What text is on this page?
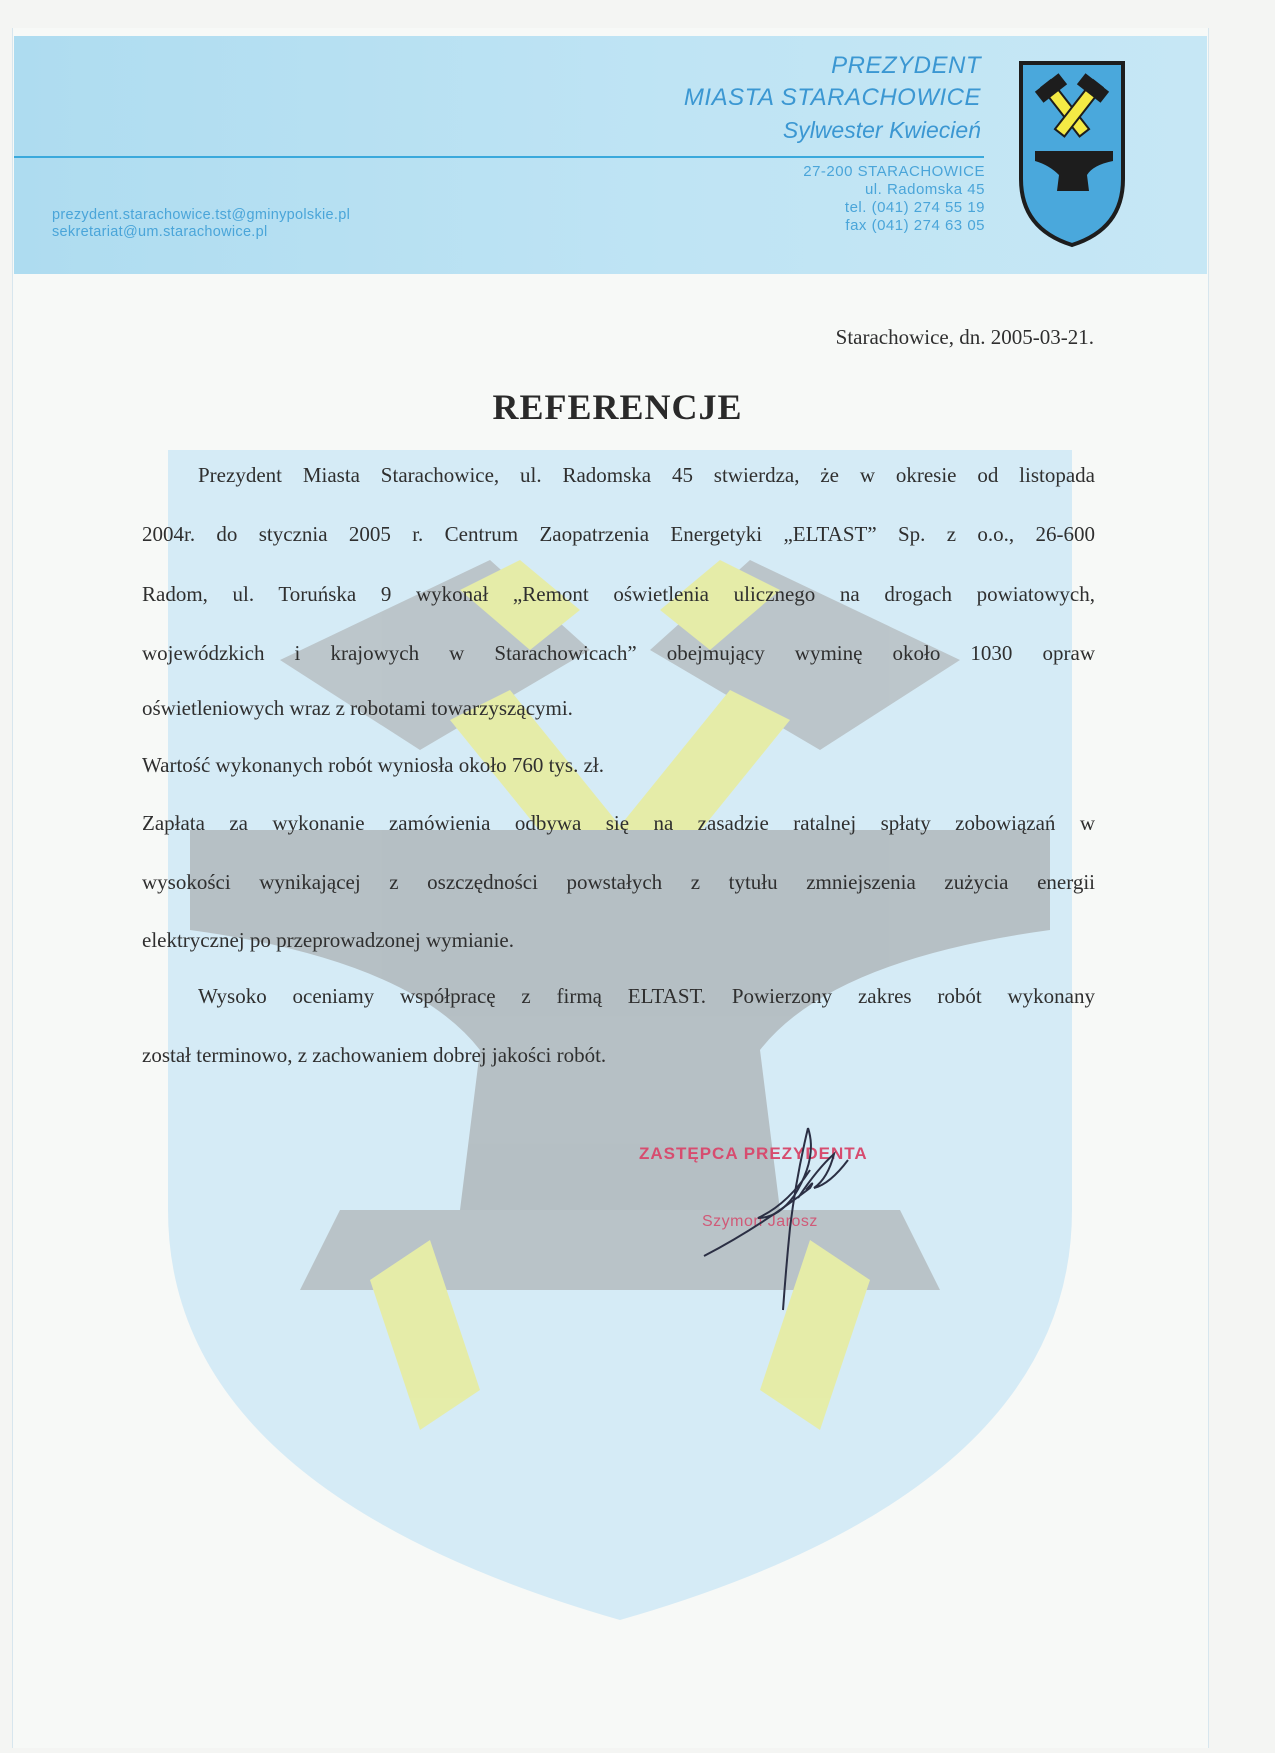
PREZYDENT
MIASTA STARACHOWICE
Sylwester Kwiecień
27-200 STARACHOWICE
ul. Radomska 45
tel. (041) 274 55 19
fax (041) 274 63 05
prezydent.starachowice.tst@gminypolskie.pl
sekretariat@um.starachowice.pl
Starachowice, dn. 2005-03-21.
REFERENCJE
Prezydent Miasta Starachowice, ul. Radomska 45 stwierdza, że w okresie od listopada
2004r. do stycznia 2005 r. Centrum Zaopatrzenia Energetyki „ELTAST” Sp. z o.o., 26-600
Radom, ul. Toruńska 9 wykonał „Remont oświetlenia ulicznego na drogach powiatowych,
wojewódzkich i krajowych w Starachowicach” obejmujący wyminę około 1030 opraw
oświetleniowych wraz z robotami towarzyszącymi.
Wartość wykonanych robót wyniosła około 760 tys. zł.
Zapłata za wykonanie zamówienia odbywa się na zasadzie ratalnej spłaty zobowiązań w
wysokości wynikającej z oszczędności powstałych z tytułu zmniejszenia zużycia energii
elektrycznej po przeprowadzonej wymianie.
Wysoko oceniamy współpracę z firmą ELTAST. Powierzony zakres robót wykonany
został terminowo, z zachowaniem dobrej jakości robót.
ZASTĘPCA PREZYDENTA
Szymon Jarosz
